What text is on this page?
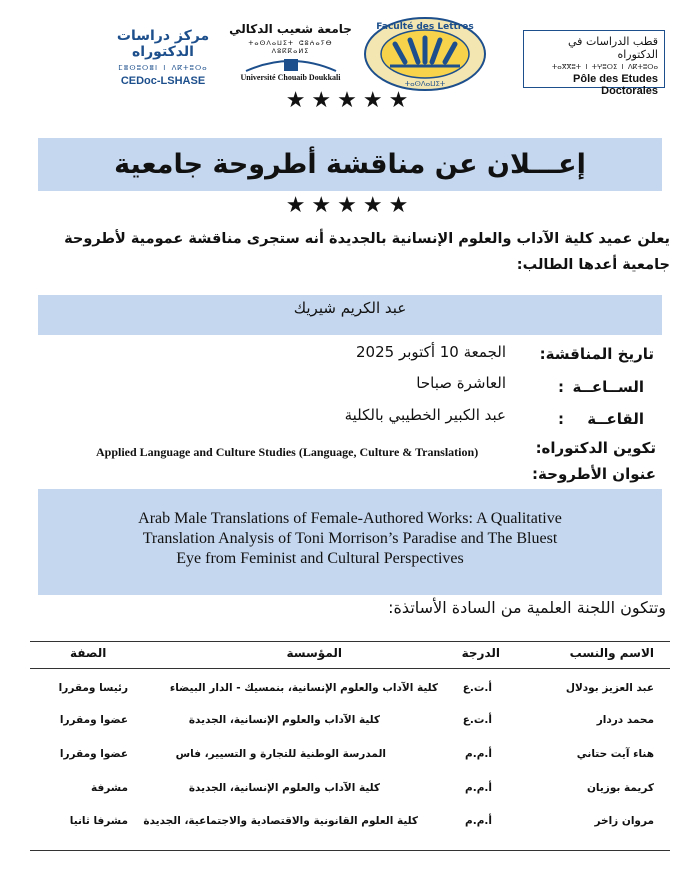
مركز دراسات الدكتوراه
ⵎⴻⵙⵓⵔⴻⵏ ⵏ ⴷⴽⵜⵓⵔⴰ
CEDoc-LSHASE
جامعة شعيب الدكالي
ⵜⴰⵙⴷⴰⵡⵉⵜ ⵛⵓⵄⴰⵢⴱ ⴷⵓⴽⴽⴰⵍⵉ
Université Chouaib Doukkali
Faculté des Lettres
ⵜⴰⵙⴷⴰⵡⵉⵜ
قطب الدراسات في الدكتوراه
ⵜⴰⴳⴳⵓⵜ ⵏ ⵜⵖⵓⵔⵉ ⵏ ⴷⴽⵜⵓⵔⴰ
Pôle des Etudes Doctorales
★★★★★
إعـــلان عن مناقشة أطروحة جامعية
★★★★★
يعلن عميد كلية الآداب والعلوم الإنسانية بالجديدة أنه ستجرى مناقشة عمومية لأطروحة جامعية أعدها الطالب:
عبد الكريم شيريك
تاريخ المناقشة:
الجمعة 10 أكتوبر 2025
الســاعــة
:
العاشرة صباحا
القاعــة
:
عبد الكبير الخطيبي بالكلية
تكوين الدكتوراه:
Applied Language and Culture Studies (Language, Culture & Translation)
عنوان الأطروحة:
Arab Male Translations of Female-Authored Works: A Qualitative
Translation Analysis of Toni Morrison’s Paradise and The Bluest
Eye from Feminist and Cultural Perspectives
وتتكون اللجنة العلمية من السادة الأساتذة:
الاسم والنسب
الدرجة
المؤسسة
الصفة
عبد العزيز بودلال
أ.ت.ع
كلية الآداب والعلوم الإنسانية، بنمسيك - الدار البيضاء
رئيسا ومقررا
محمد دردار
أ.ت.ع
كلية الآداب والعلوم الإنسانية، الجديدة
عضوا ومقررا
هناء آيت حتاني
أ.م.م
المدرسة الوطنية للتجارة و التسيير، فاس
عضوا ومقررا
كريمة بوزيان
أ.م.م
كلية الآداب والعلوم الإنسانية، الجديدة
مشرفة
مروان زاخر
أ.م.م
كلية العلوم القانونية والاقتصادية والاجتماعية، الجديدة
مشرفا ثانيا
